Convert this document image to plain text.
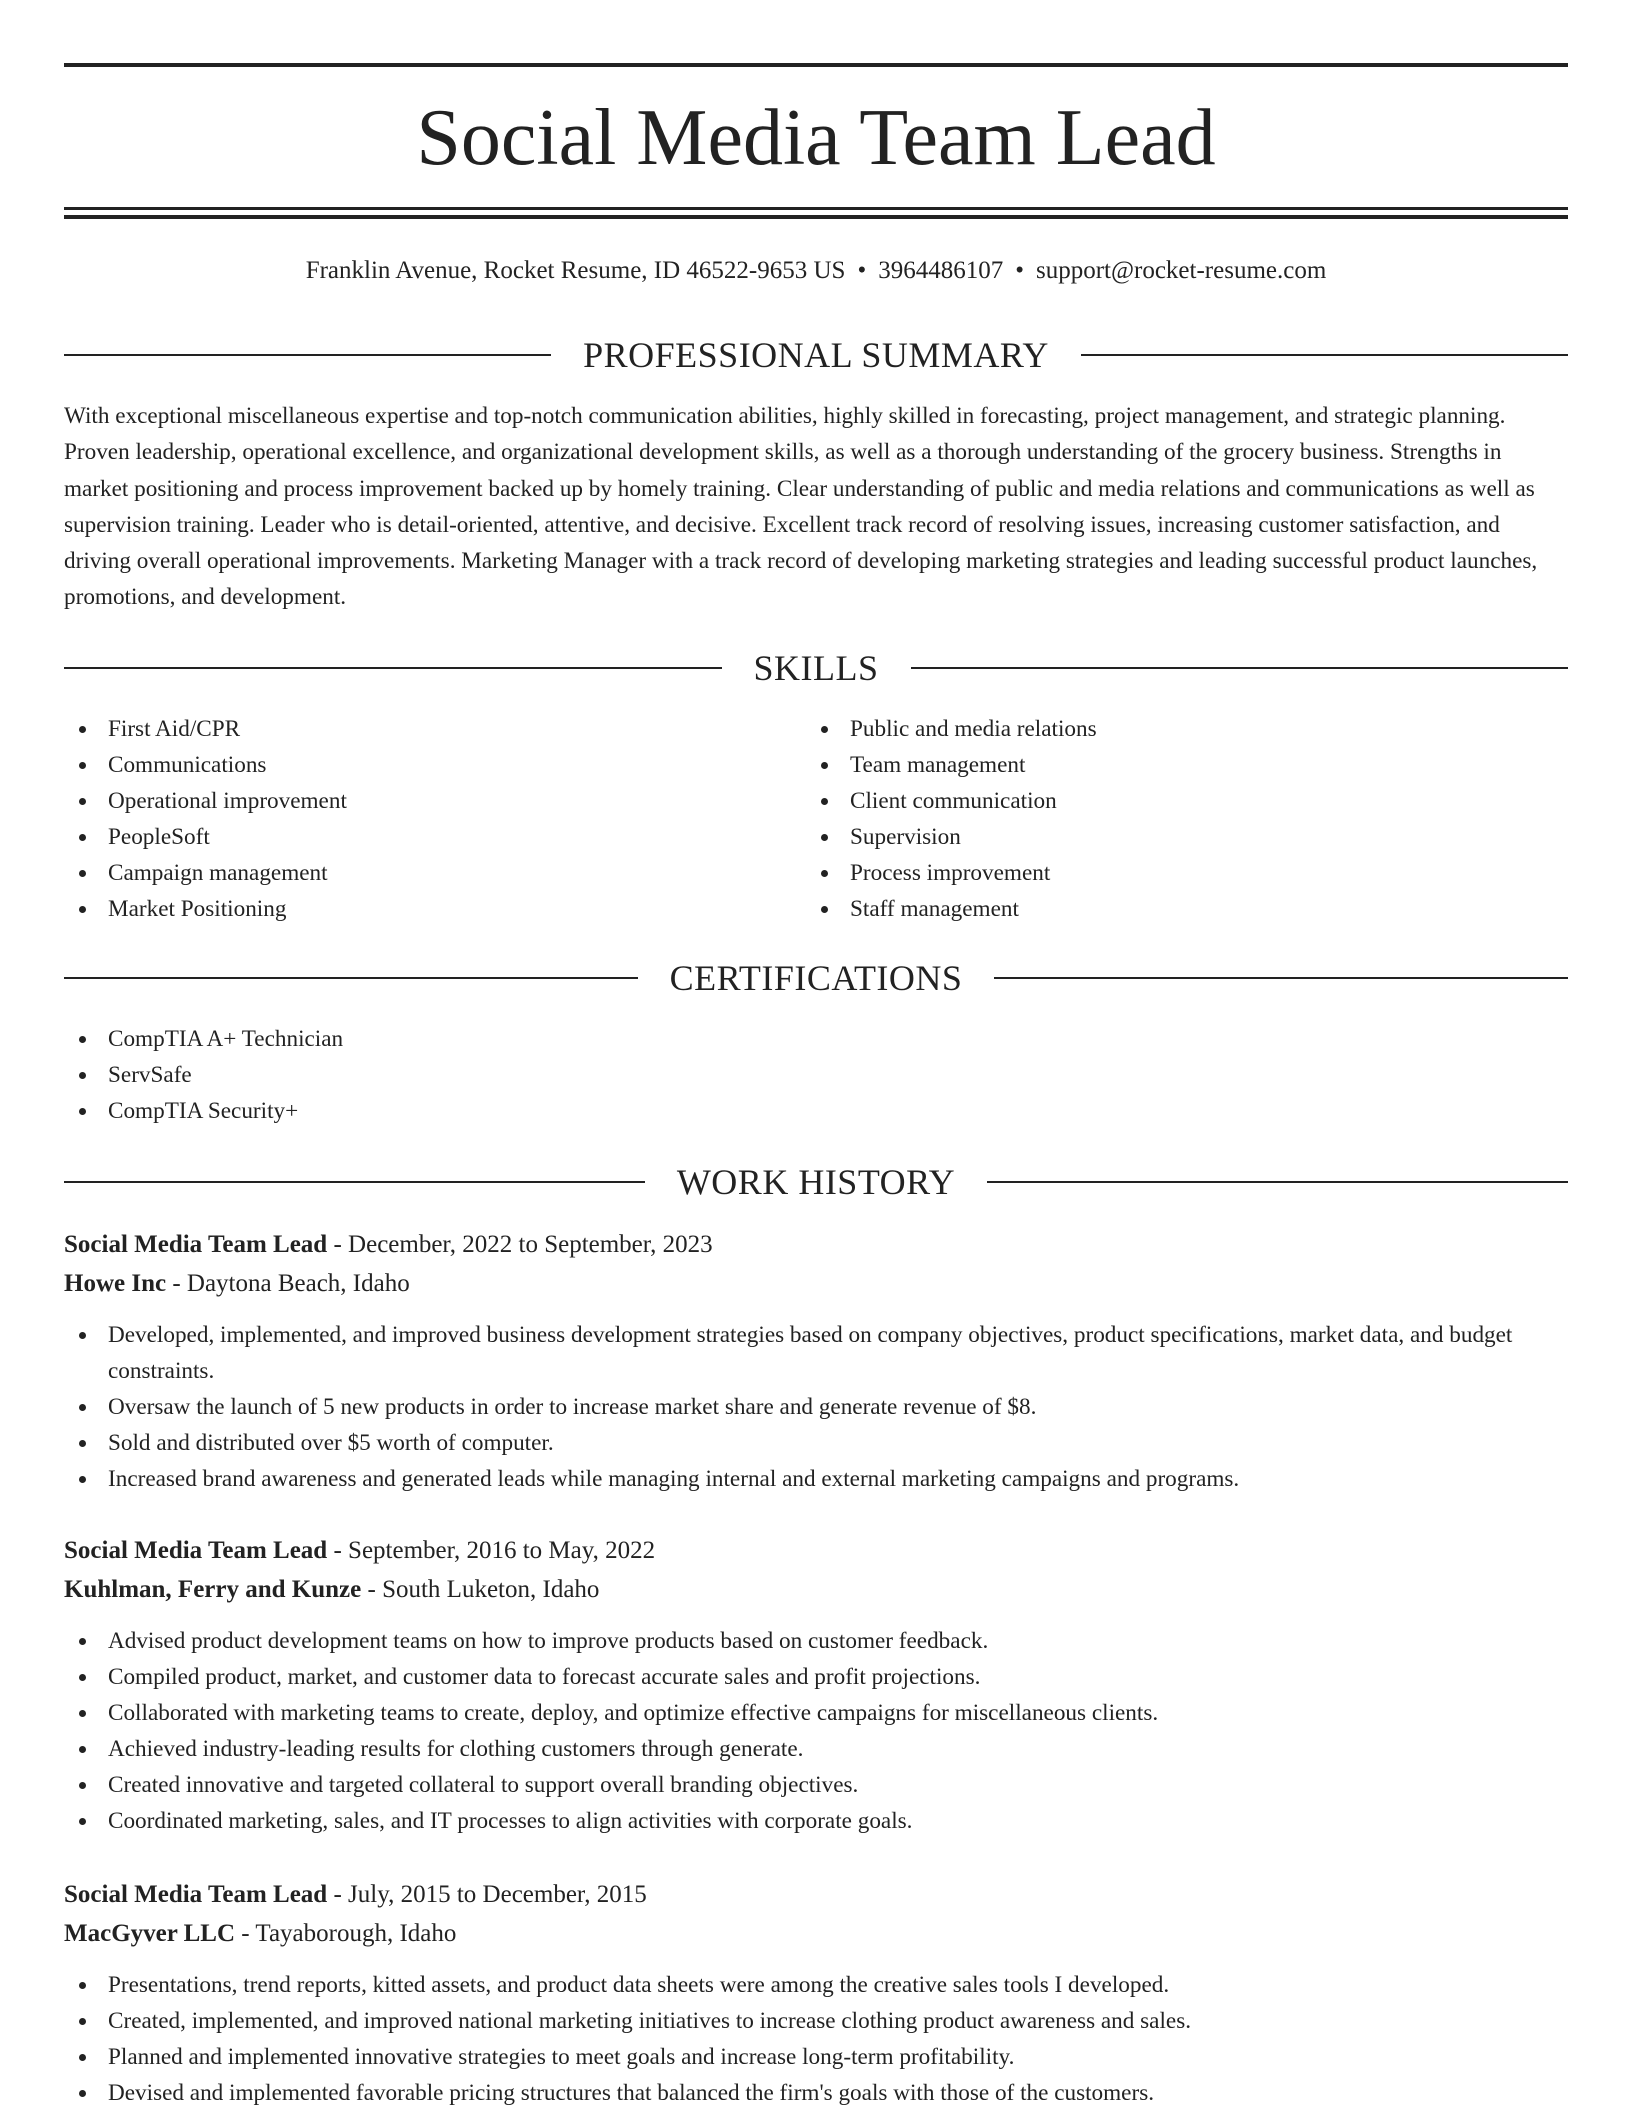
Social Media Team Lead
Franklin Avenue, Rocket Resume, ID 46522-9653 US • 3964486107 • support@rocket-resume.com
PROFESSIONAL SUMMARY

With exceptional miscellaneous expertise and top-notch communication abilities, highly skilled in forecasting, project management, and strategic planning. Proven leadership, operational excellence, and organizational development skills, as well as a thorough understanding of the grocery business. Strengths in market positioning and process improvement backed up by homely training. Clear understanding of public and media relations and communications as well as supervision training. Leader who is detail-oriented, attentive, and decisive. Excellent track record of resolving issues, increasing customer satisfaction, and driving overall operational improvements. Marketing Manager with a track record of developing marketing strategies and leading successful product launches, promotions, and development.

SKILLS
First Aid/CPR
Communications
Operational improvement
PeopleSoft
Campaign management
Market Positioning
Public and media relations
Team management
Client communication
Supervision
Process improvement
Staff management
CERTIFICATIONS
CompTIA A+ Technician
ServSafe
CompTIA Security+
WORK HISTORY
Social Media Team Lead - December, 2022 to September, 2023
Howe Inc - Daytona Beach, Idaho
Developed, implemented, and improved business development strategies based on company objectives, product specifications, market data, and budget constraints.
Oversaw the launch of 5 new products in order to increase market share and generate revenue of $8.
Sold and distributed over $5 worth of computer.
Increased brand awareness and generated leads while managing internal and external marketing campaigns and programs.
Social Media Team Lead - September, 2016 to May, 2022
Kuhlman, Ferry and Kunze - South Luketon, Idaho
Advised product development teams on how to improve products based on customer feedback.
Compiled product, market, and customer data to forecast accurate sales and profit projections.
Collaborated with marketing teams to create, deploy, and optimize effective campaigns for miscellaneous clients.
Achieved industry-leading results for clothing customers through generate.
Created innovative and targeted collateral to support overall branding objectives.
Coordinated marketing, sales, and IT processes to align activities with corporate goals.
Social Media Team Lead - July, 2015 to December, 2015
MacGyver LLC - Tayaborough, Idaho
Presentations, trend reports, kitted assets, and product data sheets were among the creative sales tools I developed.
Created, implemented, and improved national marketing initiatives to increase clothing product awareness and sales.
Planned and implemented innovative strategies to meet goals and increase long-term profitability.
Devised and implemented favorable pricing structures that balanced the firm's goals with those of the customers.
